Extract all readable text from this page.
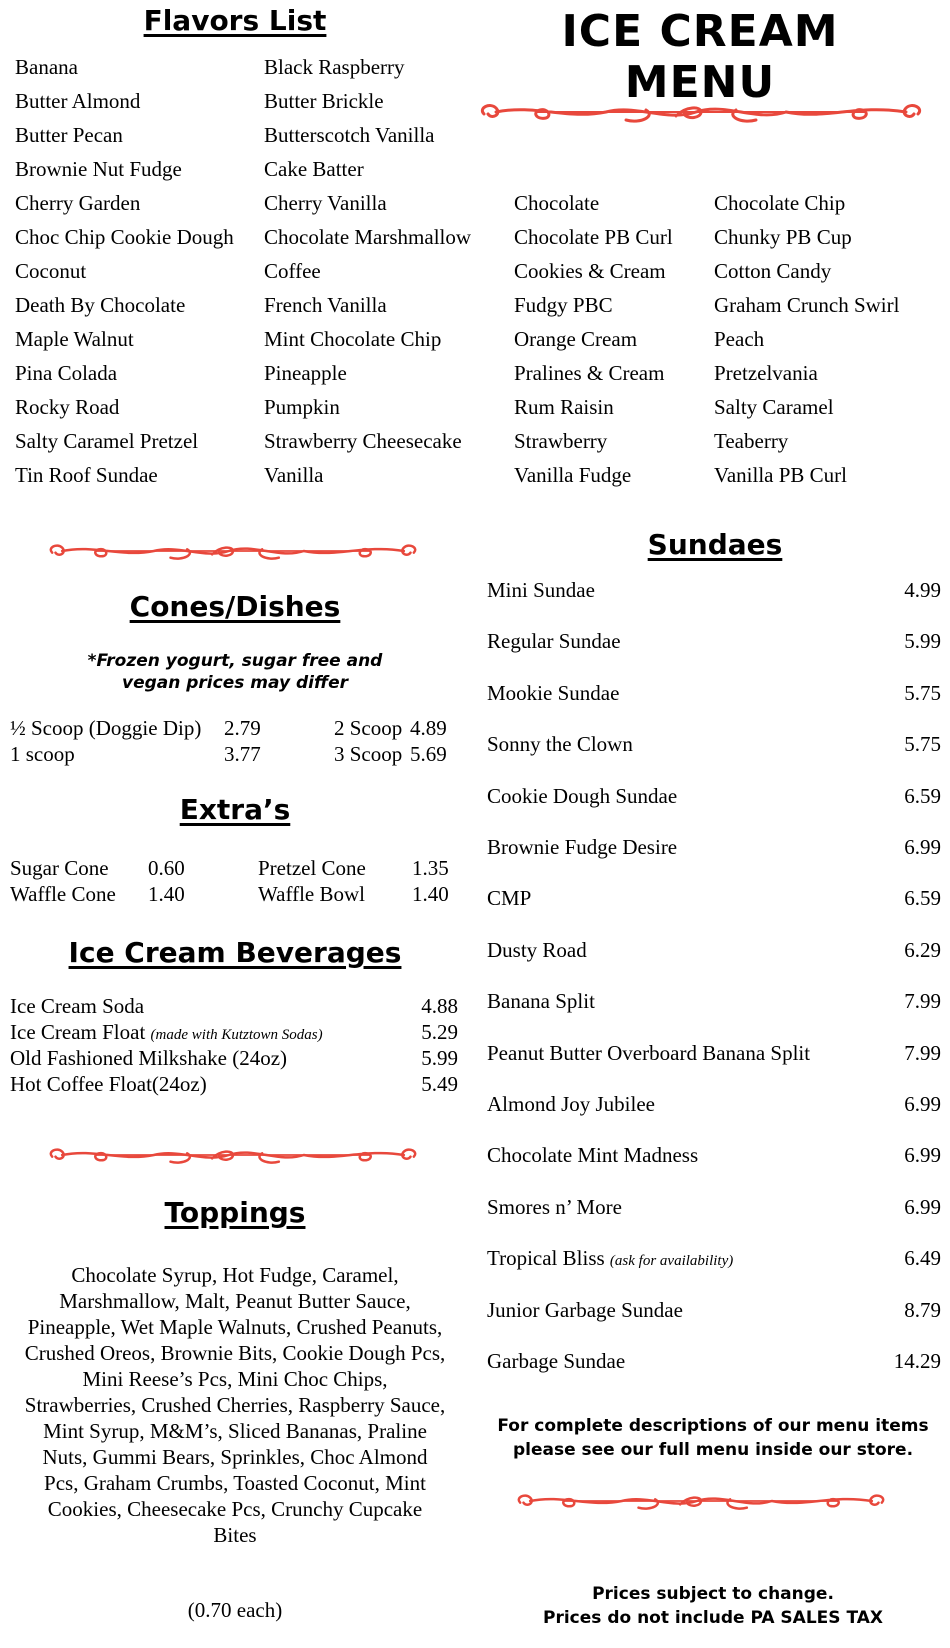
ICE CREAM MENU
Flavors List
Banana
Butter Almond
Butter Pecan
Brownie Nut Fudge
Cherry Garden
Choc Chip Cookie Dough
Coconut
Death By Chocolate
Maple Walnut
Pina Colada
Rocky Road
Salty Caramel Pretzel
Tin Roof Sundae
Black Raspberry
Butter Brickle
Butterscotch Vanilla
Cake Batter
Cherry Vanilla
Chocolate Marshmallow
Coffee
French Vanilla
Mint Chocolate Chip
Pineapple
Pumpkin
Strawberry Cheesecake
Vanilla
Chocolate
Chocolate PB Curl
Cookies & Cream
Fudgy PBC
Orange Cream
Pralines & Cream
Rum Raisin
Strawberry
Vanilla Fudge
Chocolate Chip
Chunky PB Cup
Cotton Candy
Graham Crunch Swirl
Peach
Pretzelvania
Salty Caramel
Teaberry
Vanilla PB Curl
Cones/Dishes
*Frozen yogurt, sugar free and
vegan prices may differ
½ Scoop (Doggie Dip) 2.79
1 scoop	3.77
2 Scoop 4.89
3 Scoop 5.69
Extra’s
Sugar Cone 0.60
Waffle Cone 1.40
Pretzel Cone 1.35
Waffle Bowl 1.40
Ice Cream Beverages
Ice Cream Soda	4.88
Ice Cream Float (made with Kutztown Sodas)	5.29
Old Fashioned Milkshake (24oz)	5.99
Hot Coffee Float(24oz)	5.49
Toppings
Chocolate Syrup, Hot Fudge, Caramel,
Marshmallow, Malt, Peanut Butter Sauce,
Pineapple, Wet Maple Walnuts, Crushed Peanuts,
Crushed Oreos, Brownie Bits, Cookie Dough Pcs,
Mini Reese’s Pcs, Mini Choc Chips,
Strawberries, Crushed Cherries, Raspberry Sauce,
Mint Syrup, M&M’s, Sliced Bananas, Praline
Nuts, Gummi Bears, Sprinkles, Choc Almond
Pcs, Graham Crumbs, Toasted Coconut, Mint
Cookies, Cheesecake Pcs, Crunchy Cupcake
Bites
(0.70 each)
Sundaes
Mini Sundae	4.99
Regular Sundae	5.99
Mookie Sundae	5.75
Sonny the Clown	5.75
Cookie Dough Sundae	6.59
Brownie Fudge Desire	6.99
CMP	6.59
Dusty Road	6.29
Banana Split	7.99
Peanut Butter Overboard Banana Split	7.99
Almond Joy Jubilee	6.99
Chocolate Mint Madness	6.99
Smores n’ More	6.99
Tropical Bliss (ask for availability)	6.49
Junior Garbage Sundae	8.79
Garbage Sundae	14.29
For complete descriptions of our menu items
please see our full menu inside our store.
Prices subject to change.
Prices do not include PA SALES TAX
